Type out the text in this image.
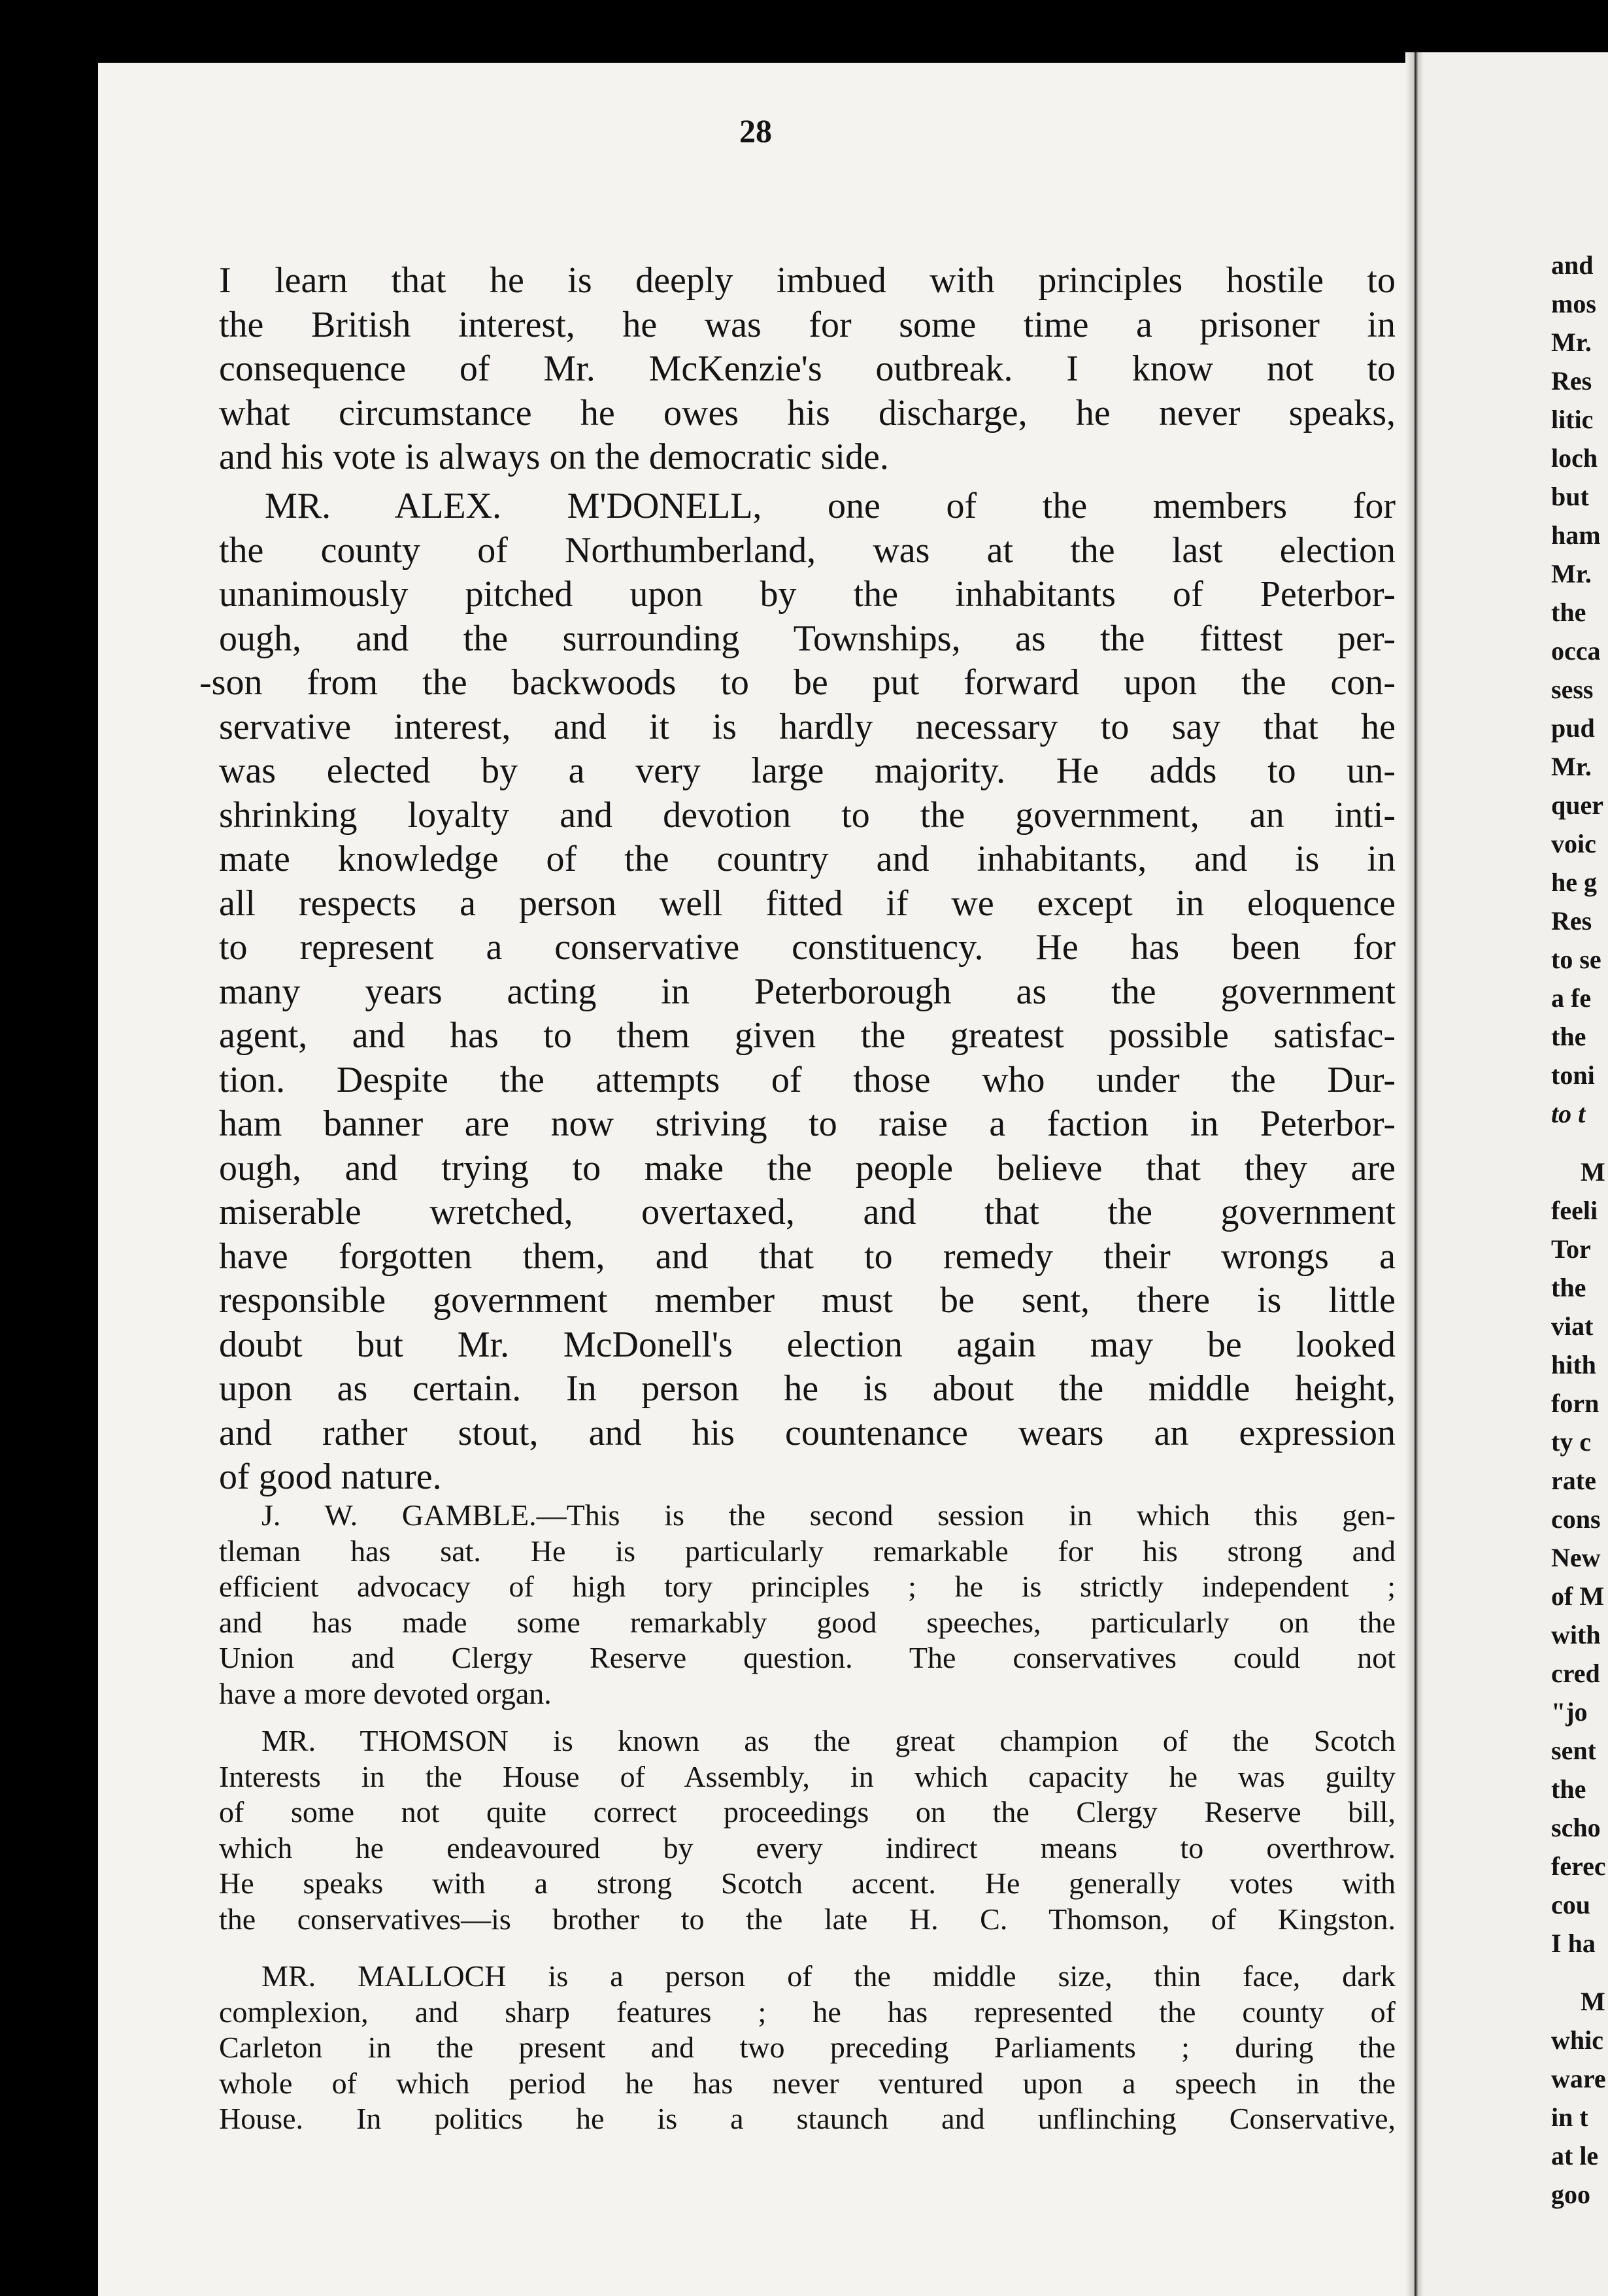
28

I learn that he is deeply imbued with principles hostile to

the British interest, he was for some time a prisoner in

consequence of Mr. McKenzie's outbreak. I know not to

what circumstance he owes his discharge, he never speaks,

and his vote is always on the democratic side.

MR. ALEX. M'DONELL, one of the members for

the county of Northumberland, was at the last election

unanimously pitched upon by the inhabitants of Peterbor-

ough, and the surrounding Townships, as the fittest per-

-son from the backwoods to be put forward upon the con-

servative interest, and it is hardly necessary to say that he

was elected by a very large majority. He adds to un-

shrinking loyalty and devotion to the government, an inti-

mate knowledge of the country and inhabitants, and is in

all respects a person well fitted if we except in eloquence

to represent a conservative constituency. He has been for

many years acting in Peterborough as the government

agent, and has to them given the greatest possible satisfac-

tion. Despite the attempts of those who under the Dur-

ham banner are now striving to raise a faction in Peterbor-

ough, and trying to make the people believe that they are

miserable wretched, overtaxed, and that the government

have forgotten them, and that to remedy their wrongs a

responsible government member must be sent, there is little

doubt but Mr. McDonell's election again may be looked

upon as certain. In person he is about the middle height,

and rather stout, and his countenance wears an expression

of good nature.

J. W. GAMBLE.—This is the second session in which this gen-

tleman has sat. He is particularly remarkable for his strong and

efficient advocacy of high tory principles ; he is strictly independent ;

and has made some remarkably good speeches, particularly on the

Union and Clergy Reserve question. The conservatives could not

have a more devoted organ.

MR. THOMSON is known as the great champion of the Scotch

Interests in the House of Assembly, in which capacity he was guilty

of some not quite correct proceedings on the Clergy Reserve bill,

which he endeavoured by every indirect means to overthrow.

He speaks with a strong Scotch accent. He generally votes with

the conservatives—is brother to the late H. C. Thomson, of Kingston.

MR. MALLOCH is a person of the middle size, thin face, dark

complexion, and sharp features ; he has represented the county of

Carleton in the present and two preceding Parliaments ; during the

whole of which period he has never ventured upon a speech in the

House. In politics he is a staunch and unflinching Conservative,

and

mos

Mr.

Res

litic

loch

but

ham

Mr.

the

occa

sess

pud

Mr.

quer

voic

he g

Res

to se

a fe

the

toni

to t

M

feeli

Tor

the

viat

hith

forn

ty c

rate

cons

New

of M

with

cred

"jo

sent

the

scho

ferec

cou

I ha

M

whic

ware

in t

at le

goo
